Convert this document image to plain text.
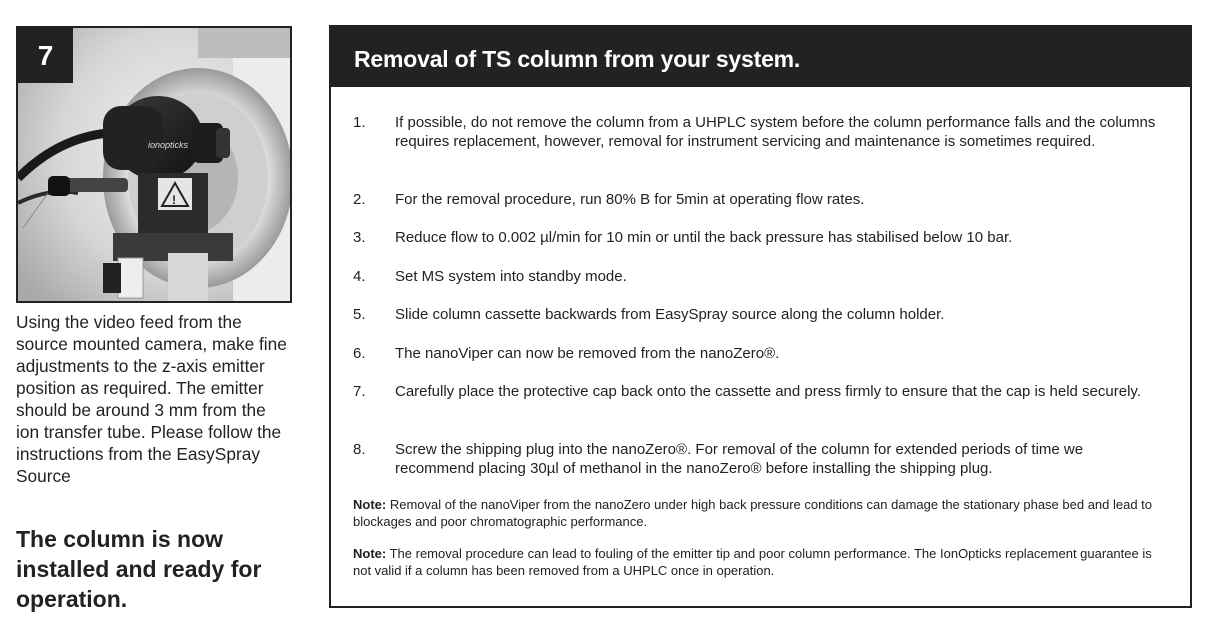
ionopticks
!
7
Using the video feed from the source mounted camera, make fine adjustments to the z-axis emitter position as required. The emitter should be around 3 mm from the ion transfer tube. Please follow the instructions from the EasySpray Source
The column is now installed and ready for operation.
Removal of TS column from your system.
1. If possible, do not remove the column from a UHPLC system before the column performance falls and the columns requires replacement, however, removal for instrument servicing and maintenance is sometimes required.
2. For the removal procedure, run 80% B for 5min at operating flow rates.
3. Reduce flow to 0.002 µl/min for 10 min or until the back pressure has stabilised below 10 bar.
4. Set MS system into standby mode.
5. Slide column cassette backwards from EasySpray source along the column holder.
6. The nanoViper can now be removed from the nanoZero®.
7. Carefully place the protective cap back onto the cassette and press firmly to ensure that the cap is held securely.
8. Screw the shipping plug into the nanoZero®. For removal of the column for extended periods of time we recommend placing 30µl of methanol in the nanoZero® before installing the shipping plug.
Note: Removal of the nanoViper from the nanoZero under high back pressure conditions can damage the stationary phase bed and lead to blockages and poor chromatographic performance.
Note: The removal procedure can lead to fouling of the emitter tip and poor column performance. The IonOpticks replacement guarantee is not valid if a column has been removed from a UHPLC once in operation.
